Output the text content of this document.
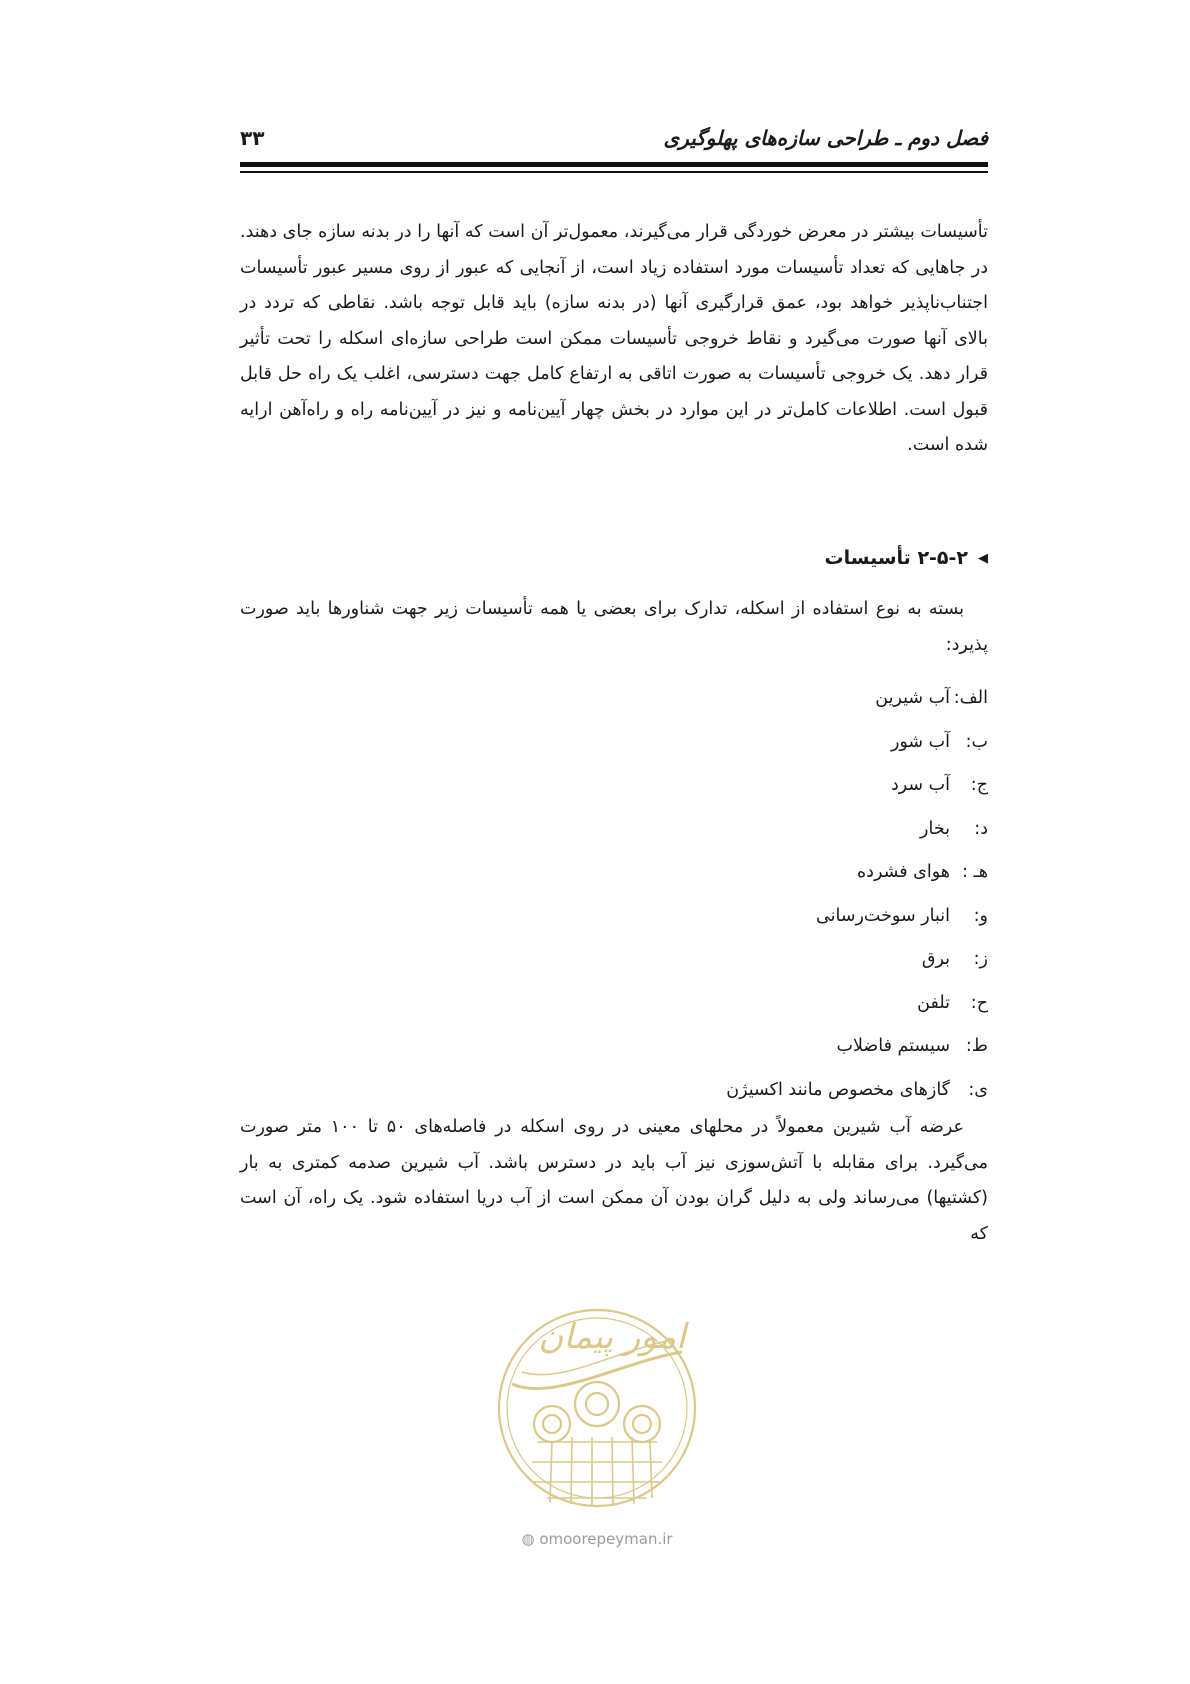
۳۳	فصل دوم ـ طراحی سازه‌های پهلوگیری

تأسیسات بیشتر در معرض خوردگی قرار می‌گیرند، معمول‌تر آن است که آنها را در بدنه سازه جای دهند. در جاهایی که تعداد تأسیسات مورد استفاده زیاد است، از آنجایی که عبور از روی مسیر عبور تأسیسات اجتناب‌ناپذیر خواهد بود، عمق قرارگیری آنها (در بدنه سازه) باید قابل توجه باشد. نقاطی که تردد در بالای آنها صورت می‌گیرد و نقاط خروجی تأسیسات ممکن است طراحی سازه‌ای اسکله را تحت تأثیر قرار دهد. یک خروجی تأسیسات به صورت اتاقی به ارتفاع کامل جهت دسترسی، اغلب یک راه حل قابل قبول است. اطلاعات کامل‌تر در این موارد در بخش چهار آیین‌نامه و نیز در آیین‌نامه راه و راه‌آهن ارایه شده است.

◀
۲-۵-۲ تأسیسات

بسته به نوع استفاده از اسکله، تدارک برای بعضی یا همه تأسیسات زیر جهت شناورها باید صورت پذیرد:

الف:
آب شیرین
ب:
آب شور
ج:
آب سرد
د:
بخار
هـ :
هوای فشرده
و:
انبار سوخت‌رسانی
ز:
برق
ح:
تلفن
ط:
سیستم فاضلاب
ی:
گازهای مخصوص مانند اکسیژن

عرضه آب شیرین معمولاً در محلهای معینی در روی اسکله در فاصله‌های ۵۰ تا ۱۰۰ متر صورت می‌گیرد. برای مقابله با آتش‌سوزی نیز آب باید در دسترس باشد. آب شیرین صدمه کمتری به بار (کشتیها) می‌رساند ولی به دلیل گران بودن آن ممکن است از آب دریا استفاده شود. یک راه، آن است که

امور پیمان
◍ omoorepeyman.ir
